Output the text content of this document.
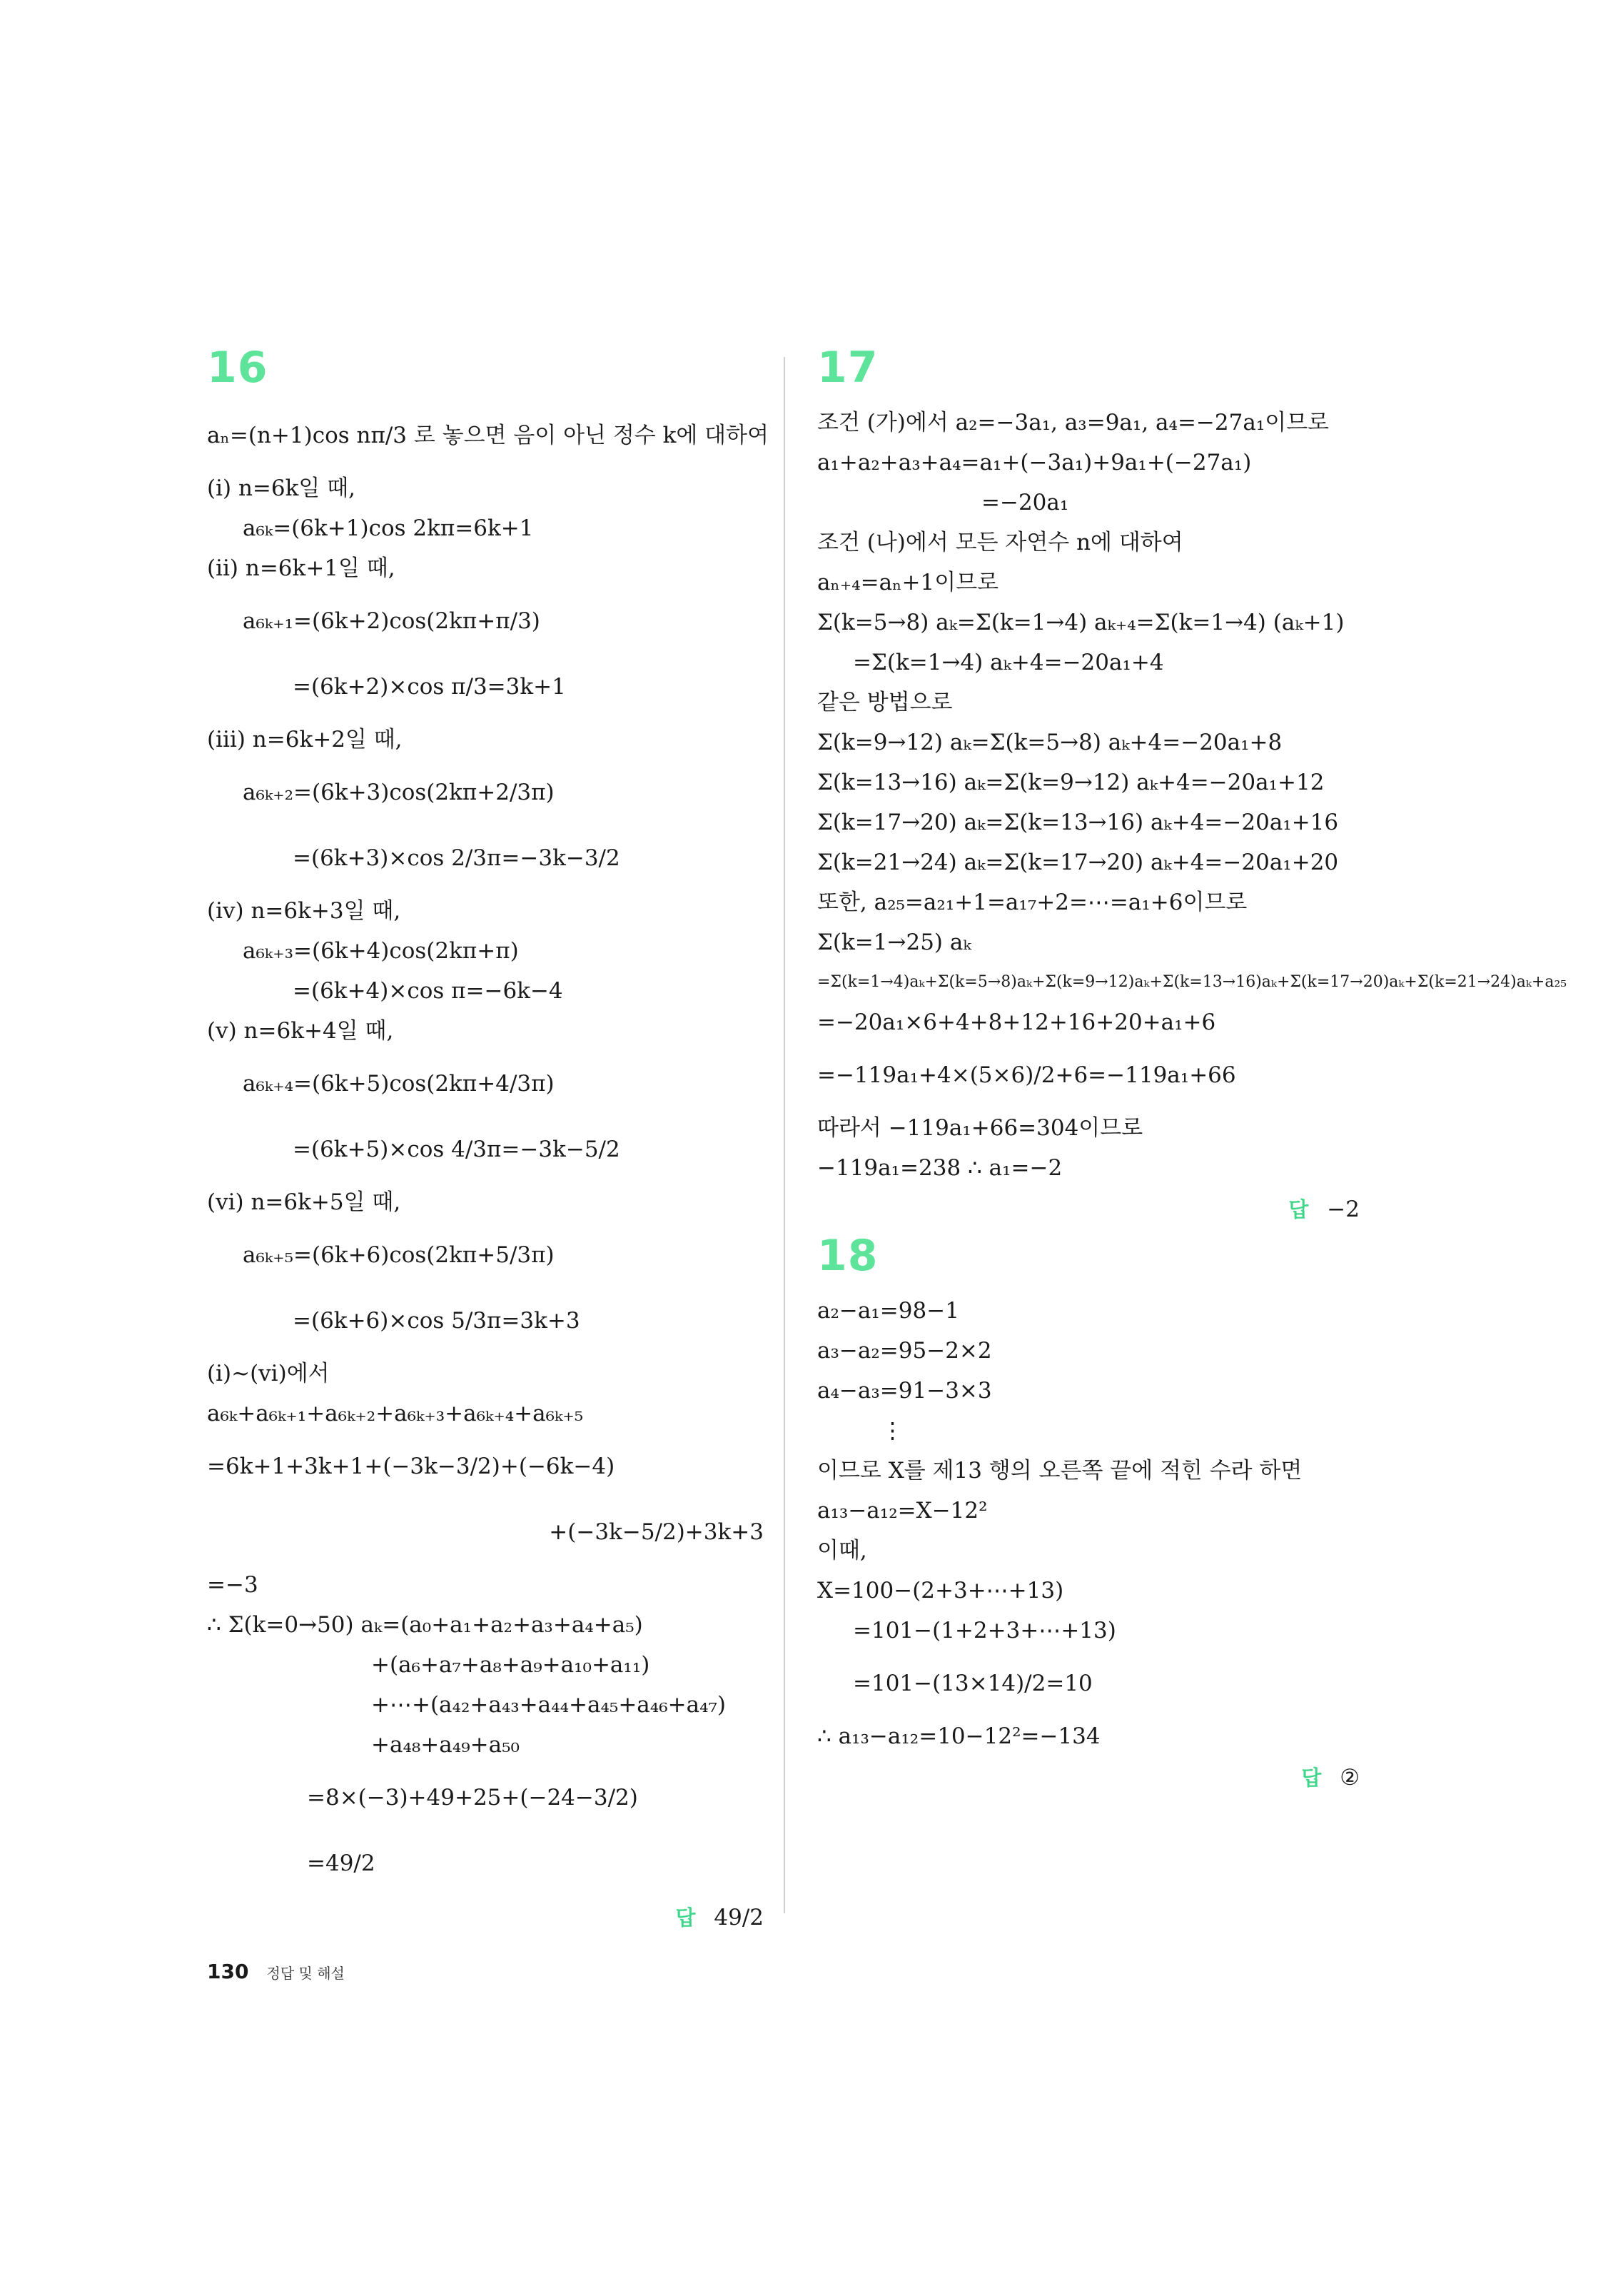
16
aₙ=(n+1)cos nπ/3 로 놓으면 음이 아닌 정수 k에 대하여
(ⅰ) n=6k일 때,
a₆ₖ=(6k+1)cos 2kπ=6k+1
(ⅱ) n=6k+1일 때,
a₆ₖ₊₁=(6k+2)cos(2kπ+π/3)
=(6k+2)×cos π/3=3k+1
(ⅲ) n=6k+2일 때,
a₆ₖ₊₂=(6k+3)cos(2kπ+2/3π)
=(6k+3)×cos 2/3π=−3k−3/2
(ⅳ) n=6k+3일 때,
a₆ₖ₊₃=(6k+4)cos(2kπ+π)
=(6k+4)×cos π=−6k−4
(ⅴ) n=6k+4일 때,
a₆ₖ₊₄=(6k+5)cos(2kπ+4/3π)
=(6k+5)×cos 4/3π=−3k−5/2
(ⅵ) n=6k+5일 때,
a₆ₖ₊₅=(6k+6)cos(2kπ+5/3π)
=(6k+6)×cos 5/3π=3k+3
(ⅰ)~(ⅵ)에서
a₆ₖ+a₆ₖ₊₁+a₆ₖ₊₂+a₆ₖ₊₃+a₆ₖ₊₄+a₆ₖ₊₅
=6k+1+3k+1+(−3k−3/2)+(−6k−4)
+(−3k−5/2)+3k+3
=−3
∴ Σ(k=0→50) aₖ=(a₀+a₁+a₂+a₃+a₄+a₅)
+(a₆+a₇+a₈+a₉+a₁₀+a₁₁)
+⋯+(a₄₂+a₄₃+a₄₄+a₄₅+a₄₆+a₄₇)
+a₄₈+a₄₉+a₅₀
=8×(−3)+49+25+(−24−3/2)
=49/2
답 49/2
17
조건 (가)에서 a₂=−3a₁, a₃=9a₁, a₄=−27a₁이므로
a₁+a₂+a₃+a₄=a₁+(−3a₁)+9a₁+(−27a₁)
=−20a₁
조건 (나)에서 모든 자연수 n에 대하여
aₙ₊₄=aₙ+1이므로
Σ(k=5→8) aₖ=Σ(k=1→4) aₖ₊₄=Σ(k=1→4) (aₖ+1)
=Σ(k=1→4) aₖ+4=−20a₁+4
같은 방법으로
Σ(k=9→12) aₖ=Σ(k=5→8) aₖ+4=−20a₁+8
Σ(k=13→16) aₖ=Σ(k=9→12) aₖ+4=−20a₁+12
Σ(k=17→20) aₖ=Σ(k=13→16) aₖ+4=−20a₁+16
Σ(k=21→24) aₖ=Σ(k=17→20) aₖ+4=−20a₁+20
또한, a₂₅=a₂₁+1=a₁₇+2=⋯=a₁+6이므로
Σ(k=1→25) aₖ
=Σ(k=1→4)aₖ+Σ(k=5→8)aₖ+Σ(k=9→12)aₖ+Σ(k=13→16)aₖ+Σ(k=17→20)aₖ+Σ(k=21→24)aₖ+a₂₅
=−20a₁×6+4+8+12+16+20+a₁+6
=−119a₁+4×(5×6)/2+6=−119a₁+66
따라서 −119a₁+66=304이므로
−119a₁=238 ∴ a₁=−2
답 −2
18
a₂−a₁=98−1
a₃−a₂=95−2×2
a₄−a₃=91−3×3
⋮
이므로 X를 제13 행의 오른쪽 끝에 적힌 수라 하면
a₁₃−a₁₂=X−12²
이때,
X=100−(2+3+⋯+13)
=101−(1+2+3+⋯+13)
=101−(13×14)/2=10
∴ a₁₃−a₁₂=10−12²=−134
답 ②
130 정답 및 해설
